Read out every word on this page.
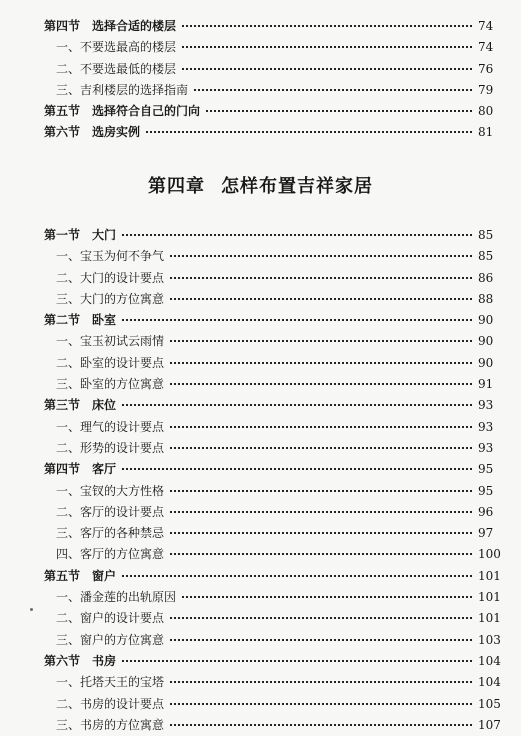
第四节　选择合适的楼层	74
一、不要选最高的楼层	74
二、不要选最低的楼层	76
三、吉利楼层的选择指南	79
第五节　选择符合自己的门向	80
第六节　选房实例	81
第四章 怎样布置吉祥家居
第一节　大门	85
一、宝玉为何不争气	85
二、大门的设计要点	86
三、大门的方位寓意	88
第二节　卧室	90
一、宝玉初试云雨情	90
二、卧室的设计要点	90
三、卧室的方位寓意	91
第三节　床位	93
一、理气的设计要点	93
二、形势的设计要点	93
第四节　客厅	95
一、宝钗的大方性格	95
二、客厅的设计要点	96
三、客厅的各种禁忌	97
四、客厅的方位寓意	100
第五节　窗户	101
一、潘金莲的出轨原因	101
二、窗户的设计要点	101
三、窗户的方位寓意	103
第六节　书房	104
一、托塔天王的宝塔	104
二、书房的设计要点	105
三、书房的方位寓意	107
